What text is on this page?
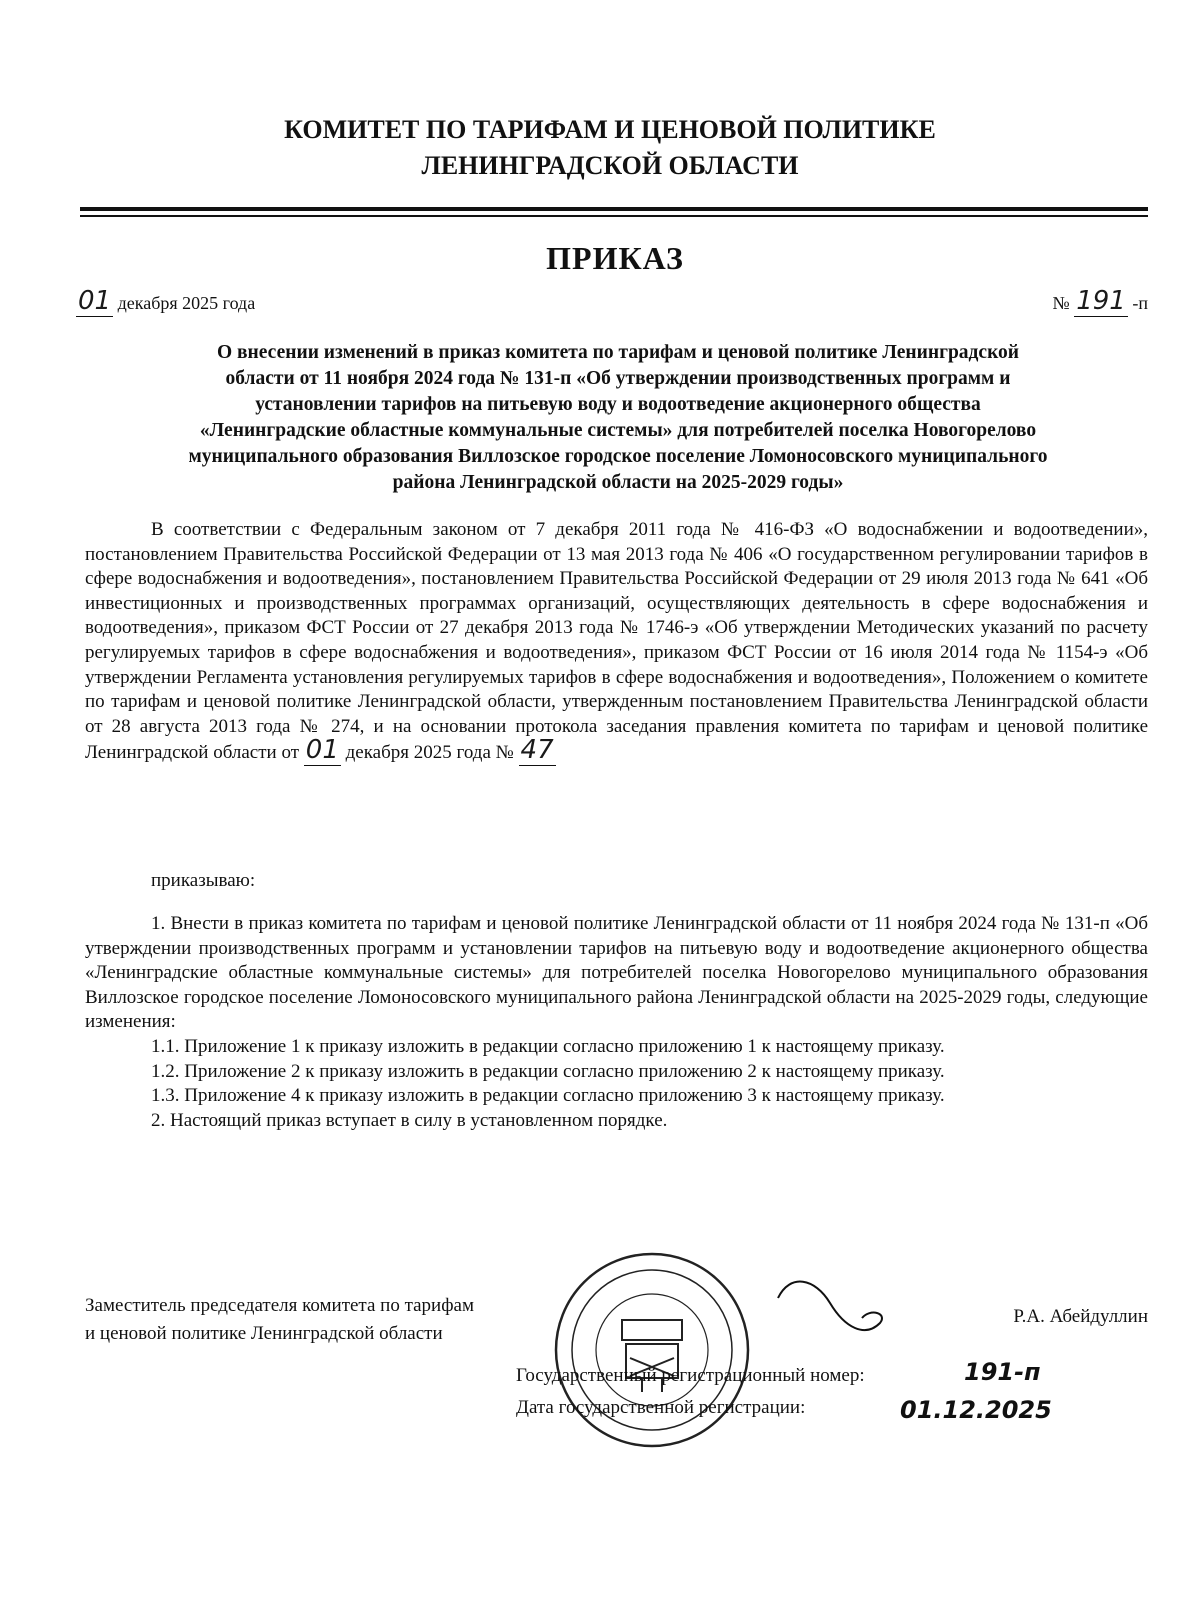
КОМИТЕТ ПО ТАРИФАМ И ЦЕНОВОЙ ПОЛИТИКЕ
ЛЕНИНГРАДСКОЙ ОБЛАСТИ
ПРИКАЗ
01 декабря 2025 года	№ 191 -п
О внесении изменений в приказ комитета по тарифам и ценовой политике Ленинградской
области от 11 ноября 2024 года № 131-п «Об утверждении производственных программ и
установлении тарифов на питьевую воду и водоотведение акционерного общества
«Ленинградские областные коммунальные системы» для потребителей поселка Новогорелово
муниципального образования Виллозское городское поселение Ломоносовского муниципального
района Ленинградской области на 2025-2029 годы»
В соответствии с Федеральным законом от 7 декабря 2011 года № 416-ФЗ «О водоснабжении и водоотведении», постановлением Правительства Российской Федерации от 13 мая 2013 года № 406 «О государственном регулировании тарифов в сфере водоснабжения и водоотведения», постановлением Правительства Российской Федерации от 29 июля 2013 года № 641 «Об инвестиционных и производственных программах организаций, осуществляющих деятельность в сфере водоснабжения и водоотведения», приказом ФСТ России от 27 декабря 2013 года № 1746-э «Об утверждении Методических указаний по расчету регулируемых тарифов в сфере водоснабжения и водоотведения», приказом ФСТ России от 16 июля 2014 года № 1154-э «Об утверждении Регламента установления регулируемых тарифов в сфере водоснабжения и водоотведения», Положением о комитете по тарифам и ценовой политике Ленинградской области, утвержденным постановлением Правительства Ленинградской области от 28 августа 2013 года № 274, и на основании протокола заседания правления комитета по тарифам и ценовой политике Ленинградской области от 01 декабря 2025 года № 47
приказываю:
1. Внести в приказ комитета по тарифам и ценовой политике Ленинградской области от 11 ноября 2024 года № 131-п «Об утверждении производственных программ и установлении тарифов на питьевую воду и водоотведение акционерного общества «Ленинградские областные коммунальные системы» для потребителей поселка Новогорелово муниципального образования Виллозское городское поселение Ломоносовского муниципального района Ленинградской области на 2025-2029 годы, следующие изменения:
1.1. Приложение 1 к приказу изложить в редакции согласно приложению 1 к настоящему приказу.
1.2. Приложение 2 к приказу изложить в редакции согласно приложению 2 к настоящему приказу.
1.3. Приложение 4 к приказу изложить в редакции согласно приложению 3 к настоящему приказу.
2. Настоящий приказ вступает в силу в установленном порядке.
Заместитель председателя комитета по тарифам
и ценовой политике Ленинградской области
Р.А. Абейдуллин
Государственный регистрационный номер:	191-п
Дата государственной регистрации:	01.12.2025
